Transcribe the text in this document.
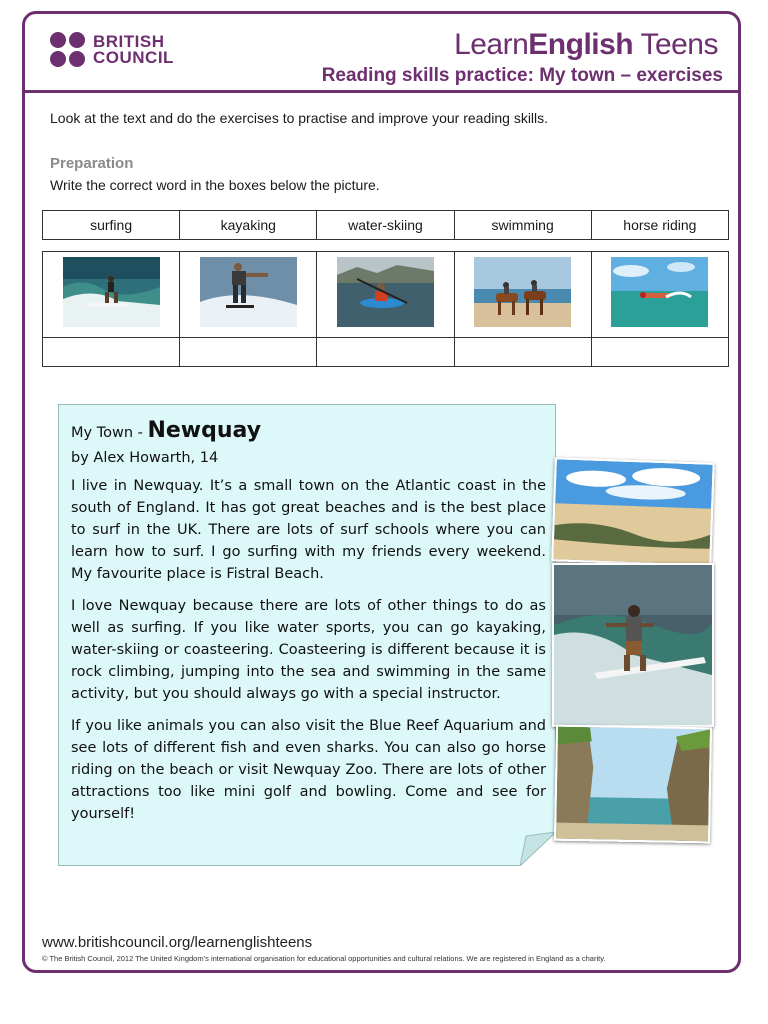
BRITISH
COUNCIL	LearnEnglish Teens
Reading skills practice: My town – exercises
Look at the text and do the exercises to practise and improve your reading skills.
Preparation
Write the correct word in the boxes below the picture.
surfing	kayaking	water-skiing	swimming	horse riding

My Town - Newquay
by Alex Howarth, 14

I live in Newquay. It’s a small town on the Atlantic coast in the south of England. It has got great beaches and is the best place to surf in the UK. There are lots of surf schools where you can learn how to surf. I go surfing with my friends every weekend. My favourite place is Fistral Beach.

I love Newquay because there are lots of other things to do as well as surfing. If you like water sports, you can go kayaking, water-skiing or coasteering. Coasteering is different because it is rock climbing, jumping into the sea and swimming in the same activity, but you should always go with a special instructor.

If you like animals you can also visit the Blue Reef Aquarium and see lots of different fish and even sharks. You can also go horse riding on the beach or visit Newquay Zoo. There are lots of other attractions too like mini golf and bowling. Come and see for yourself!

www.britishcouncil.org/learnenglishteens
© The British Council, 2012 The United Kingdom’s international organisation for educational opportunities and cultural relations. We are registered in England as a charity.
